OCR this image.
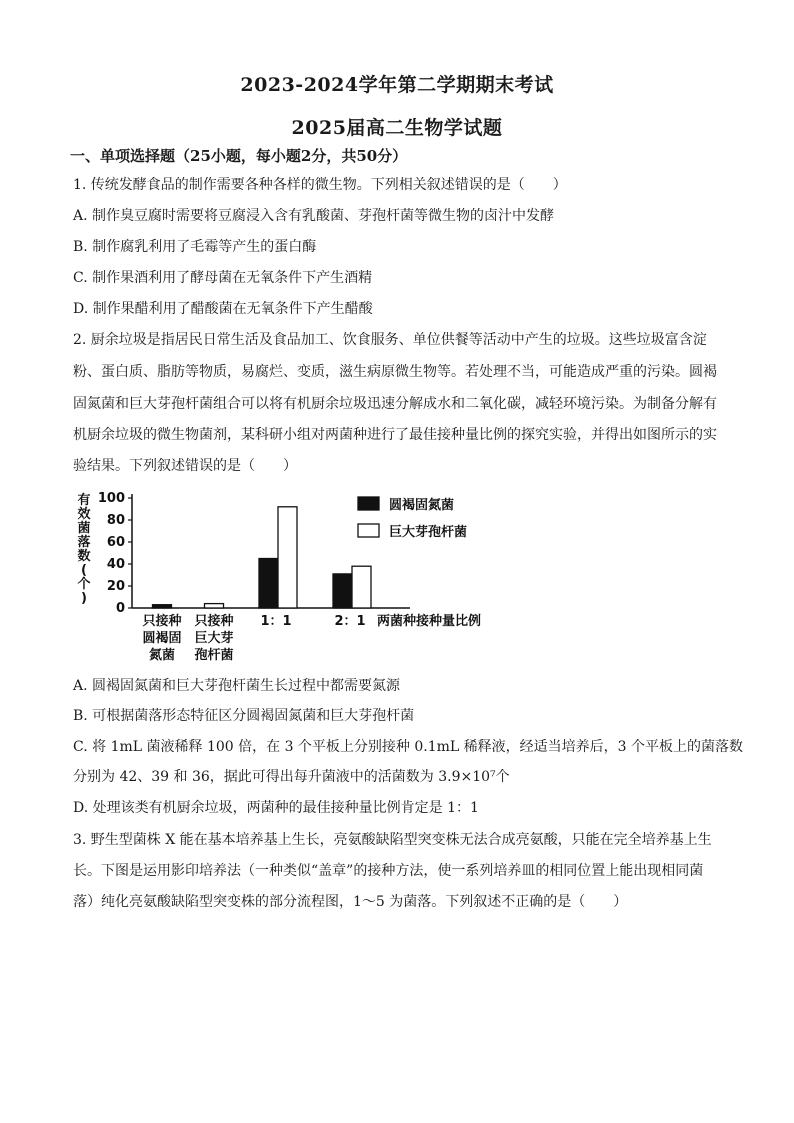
2023-2024学年第二学期期末考试
2025届高二生物学试题
一、单项选择题（25小题，每小题2分，共50分）
1. 传统发酵食品的制作需要各种各样的微生物。下列相关叙述错误的是（　　）
A. 制作臭豆腐时需要将豆腐浸入含有乳酸菌、芽孢杆菌等微生物的卤汁中发酵
B. 制作腐乳利用了毛霉等产生的蛋白酶
C. 制作果酒利用了酵母菌在无氧条件下产生酒精
D. 制作果醋利用了醋酸菌在无氧条件下产生醋酸
2. 厨余垃圾是指居民日常生活及食品加工、饮食服务、单位供餐等活动中产生的垃圾。这些垃圾富含淀
粉、蛋白质、脂肪等物质，易腐烂、变质，滋生病原微生物等。若处理不当，可能造成严重的污染。圆褐
固氮菌和巨大芽孢杆菌组合可以将有机厨余垃圾迅速分解成水和二氧化碳，减轻环境污染。为制备分解有
机厨余垃圾的微生物菌剂，某科研小组对两菌种进行了最佳接种量比例的探究实验，并得出如图所示的实
验结果。下列叙述错误的是（　　）
有
效
菌
落
数
(
个
)
0
20
40
60
80
100
只接种
圆褐固
氮菌
只接种
巨大芽
孢杆菌
1：1	2：1 两菌种接种量比例
圆褐固氮菌
巨大芽孢杆菌
A. 圆褐固氮菌和巨大芽孢杆菌生长过程中都需要氮源
B. 可根据菌落形态特征区分圆褐固氮菌和巨大芽孢杆菌
C. 将 1mL 菌液稀释 100 倍，在 3 个平板上分别接种 0.1mL 稀释液，经适当培养后，3 个平板上的菌落数
分别为 42、39 和 36，据此可得出每升菌液中的活菌数为 3.9×10⁷个
D. 处理该类有机厨余垃圾，两菌种的最佳接种量比例肯定是 1：1
3. 野生型菌株 X 能在基本培养基上生长，亮氨酸缺陷型突变株无法合成亮氨酸，只能在完全培养基上生
长。下图是运用影印培养法（一种类似“盖章”的接种方法，使一系列培养皿的相同位置上能出现相同菌
落）纯化亮氨酸缺陷型突变株的部分流程图，1～5 为菌落。下列叙述不正确的是（　　）
